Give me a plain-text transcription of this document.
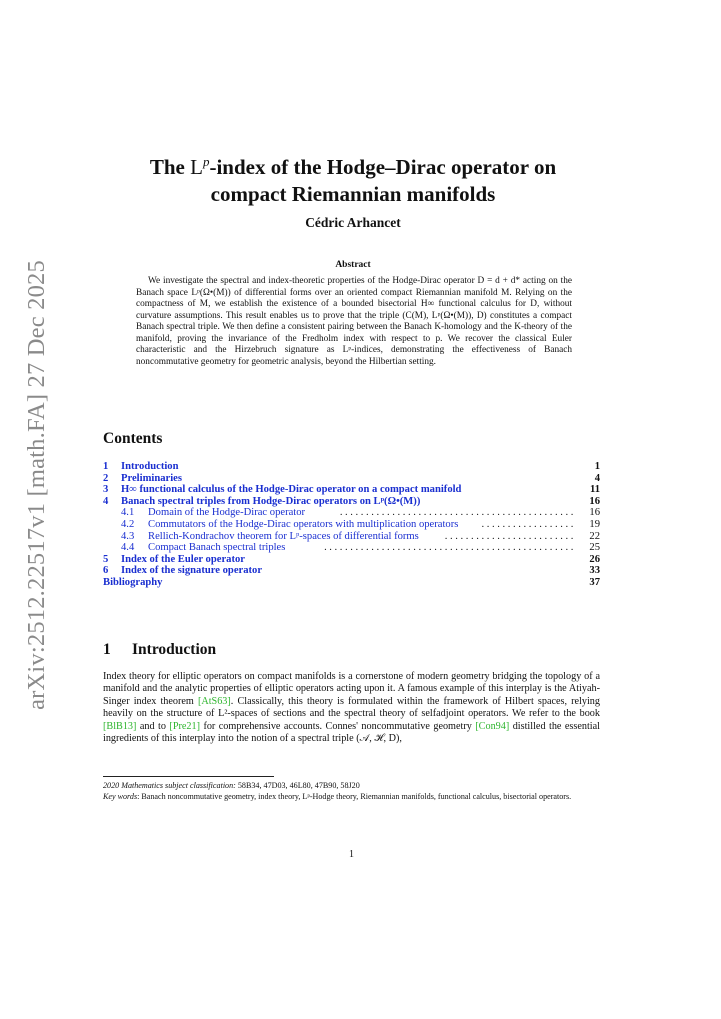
arXiv:2512.22517v1 [math.FA] 27 Dec 2025
The $L^p$-index of the Hodge–Dirac operator on
compact Riemannian manifolds
Cédric Arhancet
Abstract
We investigate the spectral and index-theoretic properties of the Hodge-Dirac operator D = d + d* acting on the Banach space Lᵖ(Ω•(M)) of differential forms over an oriented compact Riemannian manifold M. Relying on the compactness of M, we establish the existence of a bounded bisectorial H∞ functional calculus for D, without curvature assumptions. This result enables us to prove that the triple (C(M), Lᵖ(Ω•(M)), D) constitutes a compact Banach spectral triple. We then define a consistent pairing between the Banach K-homology and the K-theory of the manifold, proving the invariance of the Fredholm index with respect to p. We recover the classical Euler characteristic and the Hirzebruch signature as Lᵖ-indices, demonstrating the effectiveness of Banach noncommutative geometry for geometric analysis, beyond the Hilbertian setting.
Contents
1 Introduction	1
2 Preliminaries	4
3 H∞ functional calculus of the Hodge-Dirac operator on a compact manifold	11
4 Banach spectral triples from Hodge-Dirac operators on Lᵖ(Ω•(M))	16
4.1 Domain of the Hodge-Dirac operator	............................................. 16
4.2 Commutators of the Hodge-Dirac operators with multiplication operators	.................. 19
4.3 Rellich-Kondrachov theorem for Lᵖ-spaces of differential forms	......................... 22
4.4 Compact Banach spectral triples	................................................ 25
5 Index of the Euler operator	26
6 Index of the signature operator	33
Bibliography	37
1 Introduction
Index theory for elliptic operators on compact manifolds is a cornerstone of modern geometry bridging the topology of a manifold and the analytic properties of elliptic operators acting upon it. A famous example of this interplay is the Atiyah-Singer index theorem [AtS63]. Classically, this theory is formulated within the framework of Hilbert spaces, relying heavily on the structure of L²-spaces of sections and the spectral theory of selfadjoint operators. We refer to the book [BlB13] and to [Pre21] for comprehensive accounts. Connes' noncommutative geometry [Con94] distilled the essential ingredients of this interplay into the notion of a spectral triple (𝒜, ℋ, D),
2020 Mathematics subject classification: 58B34, 47D03, 46L80, 47B90, 58J20
Key words: Banach noncommutative geometry, index theory, Lᵖ-Hodge theory, Riemannian manifolds, functional calculus, bisectorial operators.
1
